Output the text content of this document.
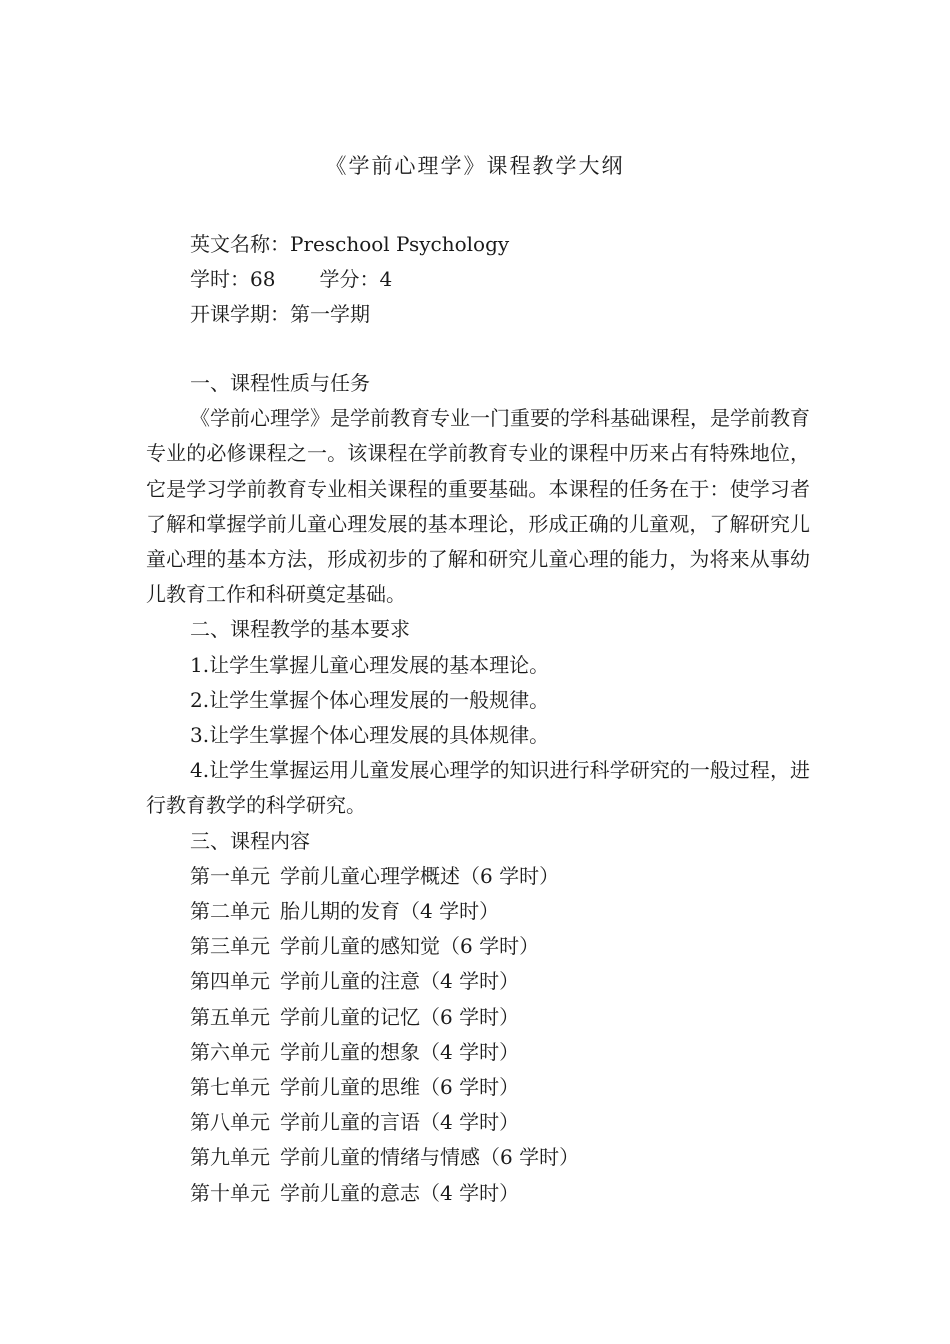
《学前心理学》课程教学大纲
英文名称：Preschool Psychology
学时：68 学分：4
开课学期：第一学期

一、课程性质与任务

《学前心理学》是学前教育专业一门重要的学科基础课程，是学前教育专业的必修课程之一。该课程在学前教育专业的课程中历来占有特殊地位，它是学习学前教育专业相关课程的重要基础。本课程的任务在于：使学习者了解和掌握学前儿童心理发展的基本理论，形成正确的儿童观，了解研究儿童心理的基本方法，形成初步的了解和研究儿童心理的能力，为将来从事幼儿教育工作和科研奠定基础。

二、课程教学的基本要求

1.让学生掌握儿童心理发展的基本理论。

2.让学生掌握个体心理发展的一般规律。

3.让学生掌握个体心理发展的具体规律。

4.让学生掌握运用儿童发展心理学的知识进行科学研究的一般过程，进行教育教学的科学研究。

三、课程内容

第一单元 学前儿童心理学概述（6 学时）

第二单元 胎儿期的发育（4 学时）

第三单元 学前儿童的感知觉（6 学时）

第四单元 学前儿童的注意（4 学时）

第五单元 学前儿童的记忆（6 学时）

第六单元 学前儿童的想象（4 学时）

第七单元 学前儿童的思维（6 学时）

第八单元 学前儿童的言语（4 学时）

第九单元 学前儿童的情绪与情感（6 学时）

第十单元 学前儿童的意志（4 学时）
